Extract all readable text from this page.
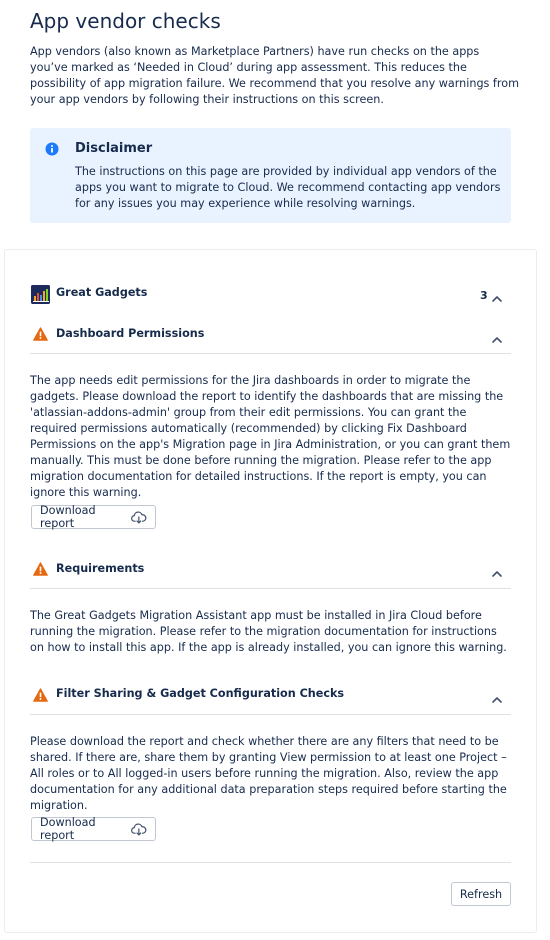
App vendor checks

App vendors (also known as Marketplace Partners) have run checks on the apps you’ve marked as ‘Needed in Cloud’ during app assessment. This reduces the possibility of app migration failure. We recommend that you resolve any warnings from your app vendors by following their instructions on this screen.

Disclaimer

The instructions on this page are provided by individual app vendors of the apps you want to migrate to Cloud. We recommend contacting app vendors for any issues you may experience while resolving warnings.

Great Gadgets	3
Dashboard Permissions

The app needs edit permissions for the Jira dashboards in order to migrate the gadgets. Please download the report to identify the dashboards that are missing the 'atlassian-addons-admin' group from their edit permissions. You can grant the required permissions automatically (recommended) by clicking Fix Dashboard Permissions on the app's Migration page in Jira Administration, or you can grant them manually. This must be done before running the migration. Please refer to the app migration documentation for detailed instructions. If the report is empty, you can ignore this warning.

Download report
Requirements

The Great Gadgets Migration Assistant app must be installed in Jira Cloud before running the migration. Please refer to the migration documentation for instructions on how to install this app. If the app is already installed, you can ignore this warning.

Filter Sharing & Gadget Configuration Checks

Please download the report and check whether there are any filters that need to be shared. If there are, share them by granting View permission to at least one Project – All roles or to All logged-in users before running the migration. Also, review the app documentation for any additional data preparation steps required before starting the migration.

Download report
Refresh
